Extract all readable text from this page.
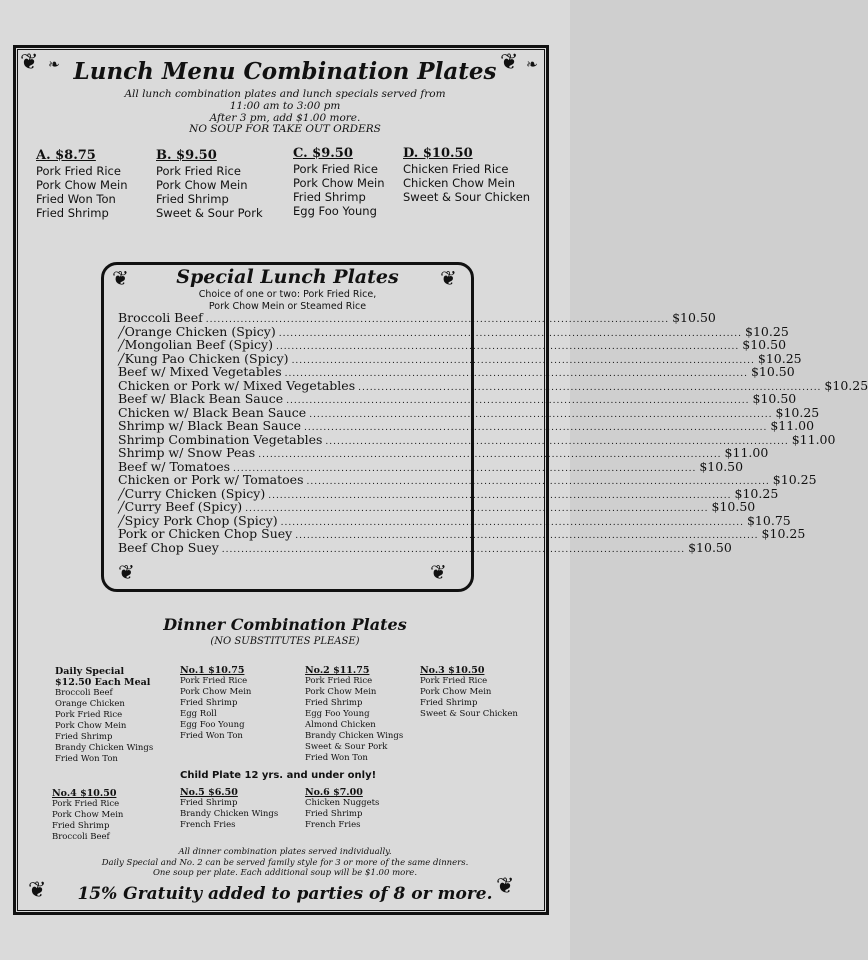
❦ ❧	❦ ❧
❦	❦
Lunch Menu Combination Plates
All lunch combination plates and lunch specials served from
11:00 am to 3:00 pm
After 3 pm, add $1.00 more.
NO SOUP FOR TAKE OUT ORDERS
A. $8.75
Pork Fried Rice
Pork Chow Mein
Fried Won Ton
Fried Shrimp
B. $9.50
Pork Fried Rice
Pork Chow Mein
Fried Shrimp
Sweet & Sour Pork
C. $9.50
Pork Fried Rice
Pork Chow Mein
Fried Shrimp
Egg Foo Young
D. $10.50
Chicken Fried Rice
Chicken Chow Mein
Sweet & Sour Chicken
❦	❦
❦	❦
Special Lunch Plates
Choice of one or two: Pork Fried Rice,
Pork Chow Mein or Steamed Rice
Broccoli Beef ........................................................................................................................ $10.50
╱ Orange Chicken (Spicy) ........................................................................................................................ $10.25
╱ Mongolian Beef (Spicy) ........................................................................................................................ $10.50
╱ Kung Pao Chicken (Spicy) ........................................................................................................................ $10.25
Beef w/ Mixed Vegetables ........................................................................................................................ $10.50
Chicken or Pork w/ Mixed Vegetables ........................................................................................................................ $10.25
Beef w/ Black Bean Sauce ........................................................................................................................ $10.50
Chicken w/ Black Bean Sauce ........................................................................................................................ $10.25
Shrimp w/ Black Bean Sauce ........................................................................................................................ $11.00
Shrimp Combination Vegetables ........................................................................................................................ $11.00
Shrimp w/ Snow Peas ........................................................................................................................ $11.00
Beef w/ Tomatoes ........................................................................................................................ $10.50
Chicken or Pork w/ Tomatoes ........................................................................................................................ $10.25
╱ Curry Chicken (Spicy) ........................................................................................................................ $10.25
╱ Curry Beef (Spicy) ........................................................................................................................ $10.50
╱ Spicy Pork Chop (Spicy) ........................................................................................................................ $10.75
Pork or Chicken Chop Suey ........................................................................................................................ $10.25
Beef Chop Suey ........................................................................................................................ $10.50
Dinner Combination Plates
(NO SUBSTITUTES PLEASE)
Daily Special
$12.50 Each Meal
Broccoli Beef
Orange Chicken
Pork Fried Rice
Pork Chow Mein
Fried Shrimp
Brandy Chicken Wings
Fried Won Ton
No.1 $10.75
Pork Fried Rice
Pork Chow Mein
Fried Shrimp
Egg Roll
Egg Foo Young
Fried Won Ton
No.2 $11.75
Pork Fried Rice
Pork Chow Mein
Fried Shrimp
Egg Foo Young
Almond Chicken
Brandy Chicken Wings
Sweet & Sour Pork
Fried Won Ton
No.3 $10.50
Pork Fried Rice
Pork Chow Mein
Fried Shrimp
Sweet & Sour Chicken
Child Plate 12 yrs. and under only!
No.4 $10.50
Pork Fried Rice
Pork Chow Mein
Fried Shrimp
Broccoli Beef
No.5 $6.50
Fried Shrimp
Brandy Chicken Wings
French Fries
No.6 $7.00
Chicken Nuggets
Fried Shrimp
French Fries
All dinner combination plates served individually.
Daily Special and No. 2 can be served family style for 3 or more of the same dinners.
One soup per plate. Each additional soup will be $1.00 more.
15% Gratuity added to parties of 8 or more.
